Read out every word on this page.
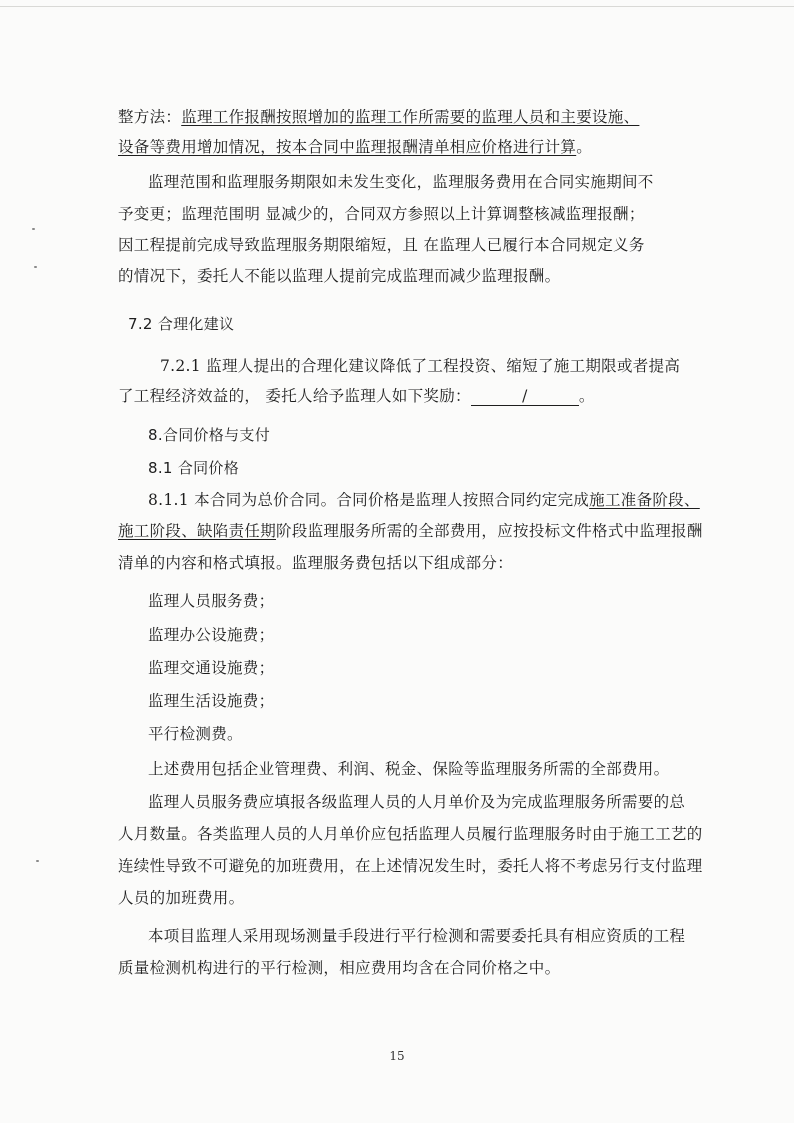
整方法：监理工作报酬按照增加的监理工作所需要的监理人员和主要设施、
设备等费用增加情况，按本合同中监理报酬清单相应价格进行计算。
监理范围和监理服务期限如未发生变化，监理服务费用在合同实施期间不
予变更；监理范围明 显减少的，合同双方参照以上计算调整核减监理报酬；
因工程提前完成导致监理服务期限缩短，且 在监理人已履行本合同规定义务
的情况下，委托人不能以监理人提前完成监理而减少监理报酬。
7.2 合理化建议
7.2.1 监理人提出的合理化建议降低了工程投资、缩短了施工期限或者提高
了工程经济效益的， 委托人给予监理人如下奖励：	/	。
8.合同价格与支付
8.1 合同价格
8.1.1 本合同为总价合同。合同价格是监理人按照合同约定完成施工准备阶段、
施工阶段、缺陷责任期阶段监理服务所需的全部费用，应按投标文件格式中监理报酬
清单的内容和格式填报。监理服务费包括以下组成部分：
监理人员服务费；
监理办公设施费；
监理交通设施费；
监理生活设施费；
平行检测费。
上述费用包括企业管理费、利润、税金、保险等监理服务所需的全部费用。
监理人员服务费应填报各级监理人员的人月单价及为完成监理服务所需要的总
人月数量。各类监理人员的人月单价应包括监理人员履行监理服务时由于施工工艺的
连续性导致不可避免的加班费用，在上述情况发生时，委托人将不考虑另行支付监理
人员的加班费用。
本项目监理人采用现场测量手段进行平行检测和需要委托具有相应资质的工程
质量检测机构进行的平行检测，相应费用均含在合同价格之中。
15
